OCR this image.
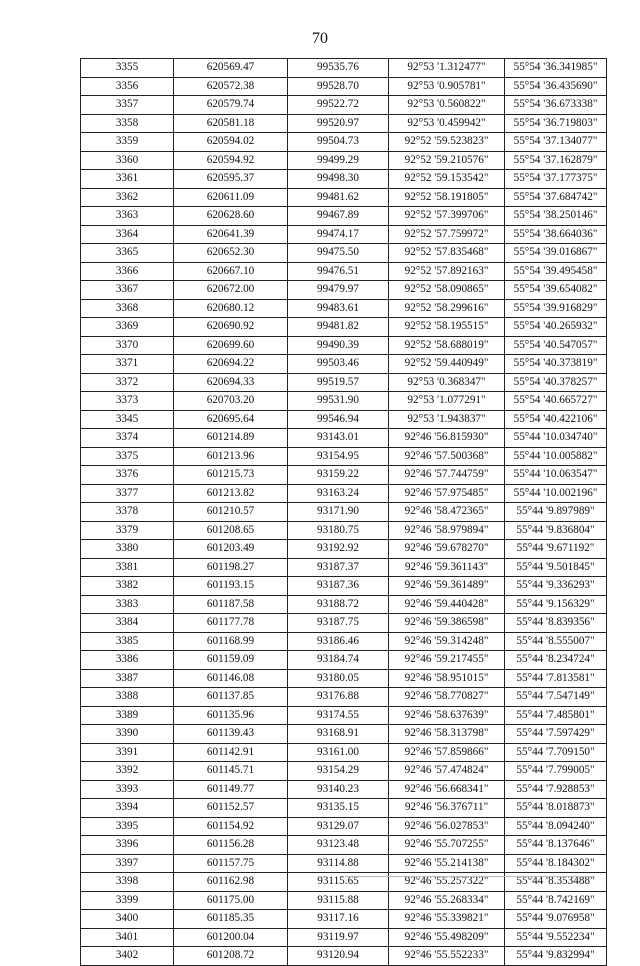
70
3355	620569.47	99535.76	92°53 '1.312477"	55°54 '36.341985"
3356	620572.38	99528.70	92°53 '0.905781"	55°54 '36.435690"
3357	620579.74	99522.72	92°53 '0.560822"	55°54 '36.673338"
3358	620581.18	99520.97	92°53 '0.459942"	55°54 '36.719803"
3359	620594.02	99504.73	92°52 '59.523823"	55°54 '37.134077"
3360	620594.92	99499.29	92°52 '59.210576"	55°54 '37.162879"
3361	620595.37	99498.30	92°52 '59.153542"	55°54 '37.177375"
3362	620611.09	99481.62	92°52 '58.191805"	55°54 '37.684742"
3363	620628.60	99467.89	92°52 '57.399706"	55°54 '38.250146"
3364	620641.39	99474.17	92°52 '57.759972"	55°54 '38.664036"
3365	620652.30	99475.50	92°52 '57.835468"	55°54 '39.016867"
3366	620667.10	99476.51	92°52 '57.892163"	55°54 '39.495458"
3367	620672.00	99479.97	92°52 '58.090865"	55°54 '39.654082"
3368	620680.12	99483.61	92°52 '58.299616"	55°54 '39.916829"
3369	620690.92	99481.82	92°52 '58.195515"	55°54 '40.265932"
3370	620699.60	99490.39	92°52 '58.688019"	55°54 '40.547057"
3371	620694.22	99503.46	92°52 '59.440949"	55°54 '40.373819"
3372	620694.33	99519.57	92°53 '0.368347"	55°54 '40.378257"
3373	620703.20	99531.90	92°53 '1.077291"	55°54 '40.665727"
3345	620695.64	99546.94	92°53 '1.943837"	55°54 '40.422106"
3374	601214.89	93143.01	92°46 '56.815930"	55°44 '10.034740"
3375	601213.96	93154.95	92°46 '57.500368"	55°44 '10.005882"
3376	601215.73	93159.22	92°46 '57.744759"	55°44 '10.063547"
3377	601213.82	93163.24	92°46 '57.975485"	55°44 '10.002196"
3378	601210.57	93171.90	92°46 '58.472365"	55°44 '9.897989"
3379	601208.65	93180.75	92°46 '58.979894"	55°44 '9.836804"
3380	601203.49	93192.92	92°46 '59.678270"	55°44 '9.671192"
3381	601198.27	93187.37	92°46 '59.361143"	55°44 '9.501845"
3382	601193.15	93187.36	92°46 '59.361489"	55°44 '9.336293"
3383	601187.58	93188.72	92°46 '59.440428"	55°44 '9.156329"
3384	601177.78	93187.75	92°46 '59.386598"	55°44 '8.839356"
3385	601168.99	93186.46	92°46 '59.314248"	55°44 '8.555007"
3386	601159.09	93184.74	92°46 '59.217455"	55°44 '8.234724"
3387	601146.08	93180.05	92°46 '58.951015"	55°44 '7.813581"
3388	601137.85	93176.88	92°46 '58.770827"	55°44 '7.547149"
3389	601135.96	93174.55	92°46 '58.637639"	55°44 '7.485801"
3390	601139.43	93168.91	92°46 '58.313798"	55°44 '7.597429"
3391	601142.91	93161.00	92°46 '57.859866"	55°44 '7.709150"
3392	601145.71	93154.29	92°46 '57.474824"	55°44 '7.799005"
3393	601149.77	93140.23	92°46 '56.668341"	55°44 '7.928853"
3394	601152.57	93135.15	92°46 '56.376711"	55°44 '8.018873"
3395	601154.92	93129.07	92°46 '56.027853"	55°44 '8.094240"
3396	601156.28	93123.48	92°46 '55.707255"	55°44 '8.137646"
3397	601157.75	93114.88	92°46 '55.214138"	55°44 '8.184302"
3398	601162.98	93115.65	92°46 '55.257322"	55°44 '8.353488"
3399	601175.00	93115.88	92°46 '55.268334"	55°44 '8.742169"
3400	601185.35	93117.16	92°46 '55.339821"	55°44 '9.076958"
3401	601200.04	93119.97	92°46 '55.498209"	55°44 '9.552234"
3402	601208.72	93120.94	92°46 '55.552233"	55°44 '9.832994"
